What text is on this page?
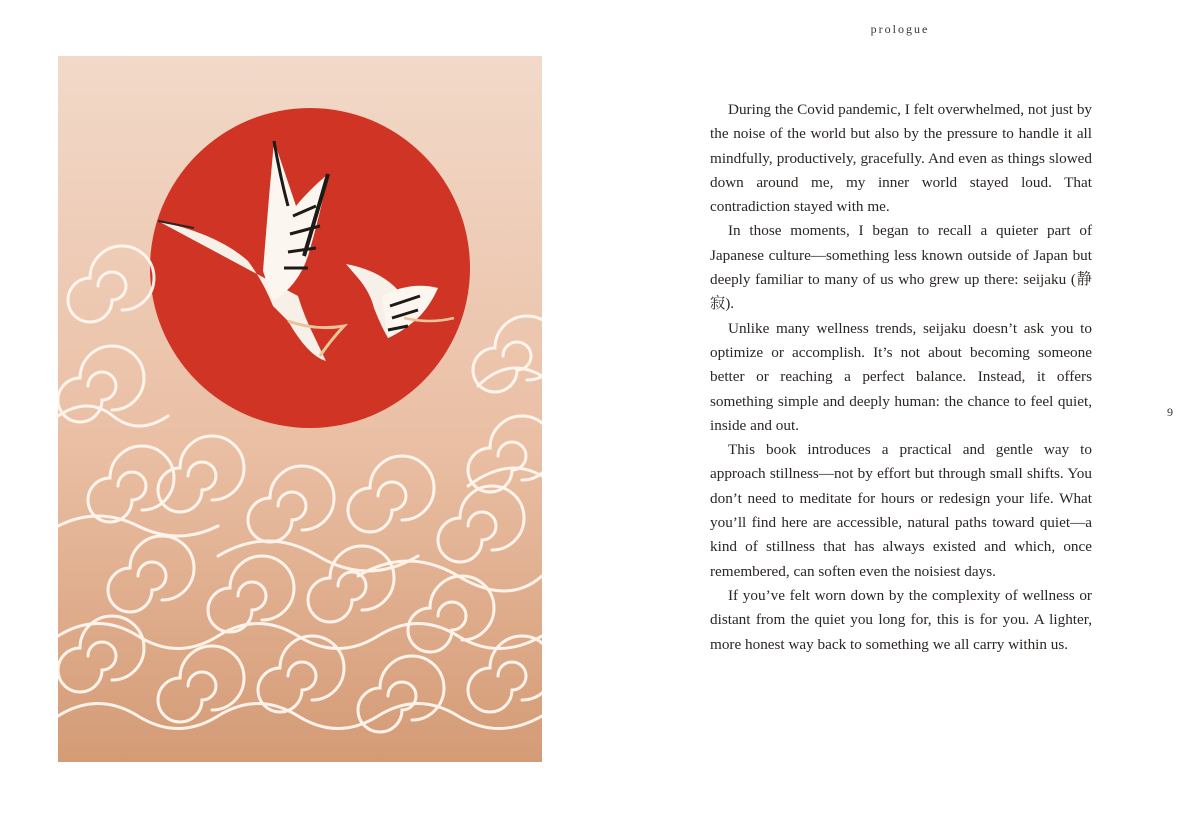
prologue

During the Covid pandemic, I felt overwhelmed, not just by the noise of the world but also by the pressure to handle it all mindfully, productively, gracefully. And even as things slowed down around me, my inner world stayed loud. That contradiction stayed with me.

In those moments, I began to recall a quieter part of Japanese culture—something less known outside of Japan but deeply familiar to many of us who grew up there: seijaku (静寂).

Unlike many wellness trends, seijaku doesn’t ask you to optimize or accomplish. It’s not about becoming someone better or reaching a perfect balance. Instead, it offers something simple and deeply human: the chance to feel quiet, inside and out.

This book introduces a practical and gentle way to approach stillness—not by effort but through small shifts. You don’t need to meditate for hours or redesign your life. What you’ll find here are accessible, natural paths toward quiet—a kind of stillness that has always existed and which, once remembered, can soften even the noisiest days.

If you’ve felt worn down by the complexity of wellness or distant from the quiet you long for, this is for you. A lighter, more honest way back to something we all carry within us.

9
